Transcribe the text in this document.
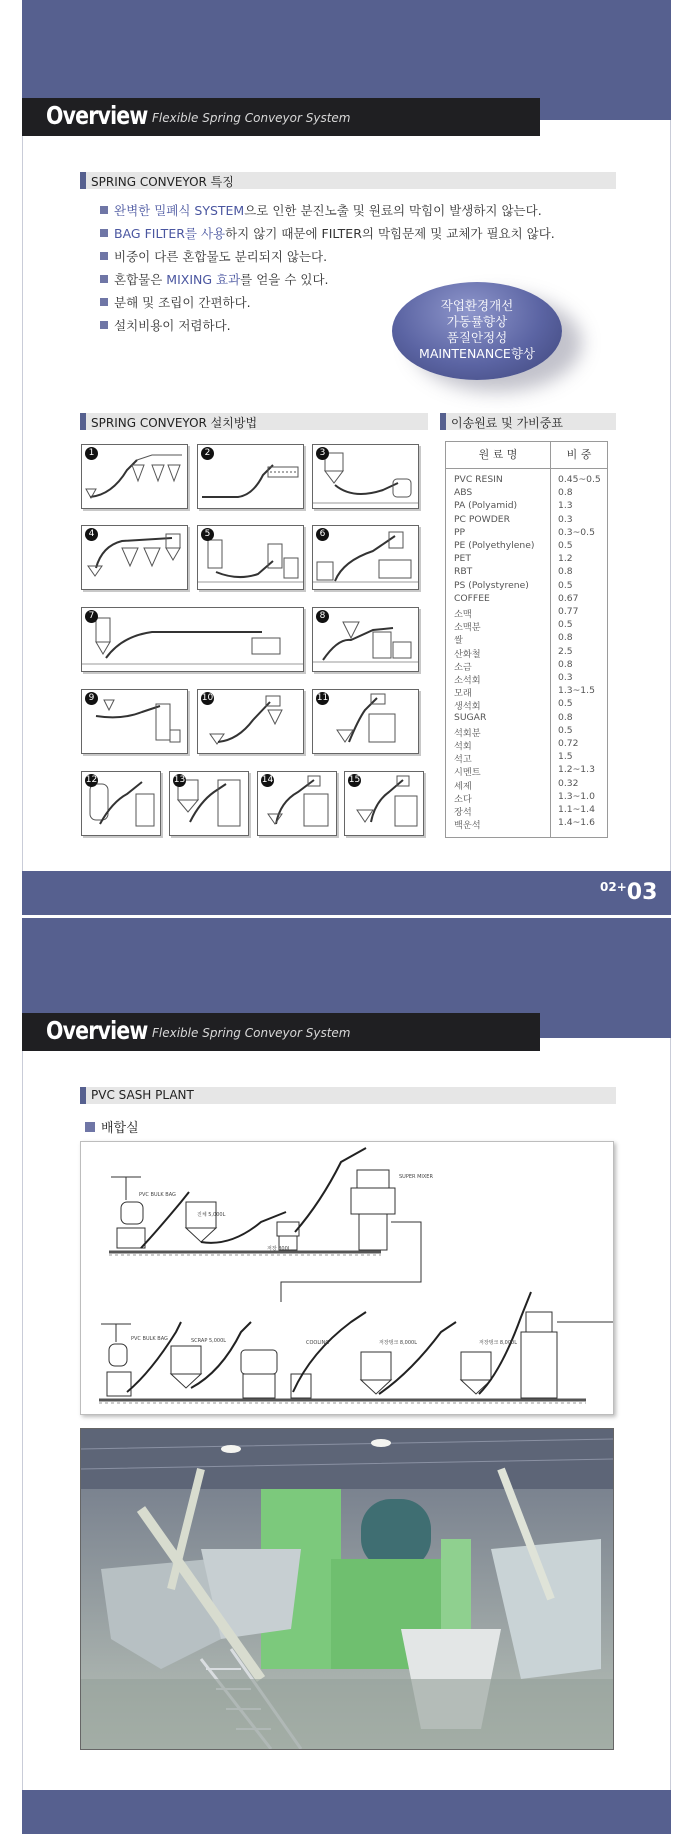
Overview Flexible Spring Conveyor System
SPRING CONVEYOR 특징
완벽한 밀폐식 SYSTEM으로 인한 분진노출 및 원료의 막힘이 발생하지 않는다.
BAG FILTER를 사용하지 않기 때문에 FILTER의 막힘문제 및 교체가 필요치 않다.
비중이 다른 혼합물도 분리되지 않는다.
혼합물은 MIXING 효과를 얻을 수 있다.
분해 및 조립이 간편하다.
설치비용이 저렴하다.
작업환경개선
가동률향상
품질안정성
MAINTENANCE향상
SPRING CONVEYOR 설치방법	이송원료 및 가비중표
1	2	3
4	5	6
7	8
9	10	11
12	13	14	15
원 료 명	비 중
PVC RESIN	0.45~0.5
ABS	0.8
PA (Polyamid)	1.3
PC POWDER	0.3
PP	0.3~0.5
PE (Polyethylene)	0.5
PET	1.2
RBT	0.8
PS (Polystyrene)	0.5
COFFEE	0.67
소맥	0.77
소맥분	0.5
쌀	0.8
산화철	2.5
소금	0.8
소석회	0.3
모래	1.3~1.5
생석회	0.5
SUGAR	0.8
석회분	0.5
석회	0.72
석고	1.5
시멘트	1.2~1.3
세제	0.32
소다	1.3~1.0
장석	1.1~1.4
백운석	1.4~1.6
$^{02+}$03
Overview Flexible Spring Conveyor System
PVC SASH PLANT
배합실
PVC BULK BAG
진체 5,000L
저장 800L
SUPER MIXER
PVC BULK BAG	SCRAP 5,000L	COOLING	저장탱크 8,000L	저장탱크 8,000L
